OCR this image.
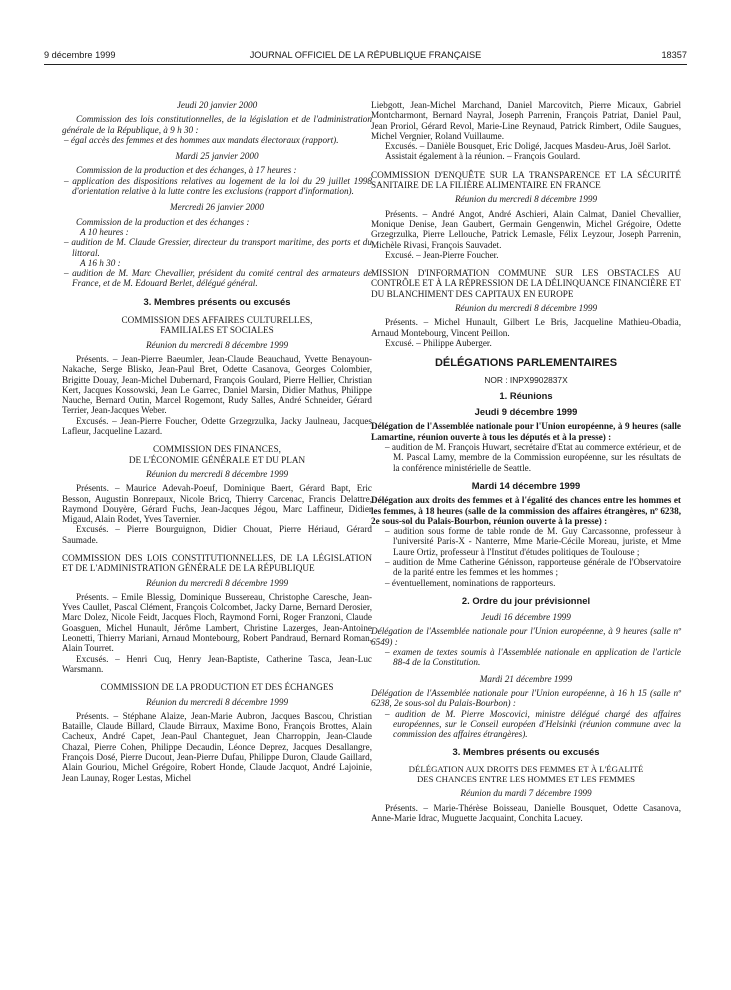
9 décembre 1999	JOURNAL OFFICIEL DE LA RÉPUBLIQUE FRANÇAISE	18357

Jeudi 20 janvier 2000

Commission des lois constitutionnelles, de la législation et de l'administration générale de la République, à 9 h 30 :

– égal accès des femmes et des hommes aux mandats électoraux (rapport).

Mardi 25 janvier 2000

Commission de la production et des échanges, à 17 heures :

– application des dispositions relatives au logement de la loi du 29 juillet 1998 d'orientation relative à la lutte contre les exclusions (rapport d'information).

Mercredi 26 janvier 2000

Commission de la production et des échanges :

A 10 heures :

– audition de M. Claude Gressier, directeur du transport maritime, des ports et du littoral.

A 16 h 30 :

– audition de M. Marc Chevallier, président du comité central des armateurs de France, et de M. Edouard Berlet, délégué général.

3. Membres présents ou excusés

COMMISSION DES AFFAIRES CULTURELLES,
FAMILIALES ET SOCIALES

Réunion du mercredi 8 décembre 1999

Présents. – Jean-Pierre Baeumler, Jean-Claude Beauchaud, Yvette Benayoun-Nakache, Serge Blisko, Jean-Paul Bret, Odette Casanova, Georges Colombier, Brigitte Douay, Jean-Michel Dubernard, François Goulard, Pierre Hellier, Christian Kert, Jacques Kossowski, Jean Le Garrec, Daniel Marsin, Didier Mathus, Philippe Nauche, Bernard Outin, Marcel Rogemont, Rudy Salles, André Schneider, Gérard Terrier, Jean-Jacques Weber.

Excusés. – Jean-Pierre Foucher, Odette Grzegrzulka, Jacky Jaulneau, Jacques Lafleur, Jacqueline Lazard.

COMMISSION DES FINANCES,
DE L'ÉCONOMIE GÉNÉRALE ET DU PLAN

Réunion du mercredi 8 décembre 1999

Présents. – Maurice Adevah-Poeuf, Dominique Baert, Gérard Bapt, Eric Besson, Augustin Bonrepaux, Nicole Bricq, Thierry Carcenac, Francis Delattre, Raymond Douyère, Gérard Fuchs, Jean-Jacques Jégou, Marc Laffineur, Didier Migaud, Alain Rodet, Yves Tavernier.

Excusés. – Pierre Bourguignon, Didier Chouat, Pierre Hériaud, Gérard Saumade.

COMMISSION DES LOIS CONSTITUTIONNELLES, DE LA LÉGISLATION ET DE L'ADMINISTRATION GÉNÉRALE DE LA RÉPUBLIQUE

Réunion du mercredi 8 décembre 1999

Présents. – Emile Blessig, Dominique Bussereau, Christophe Caresche, Jean-Yves Caullet, Pascal Clément, François Colcombet, Jacky Darne, Bernard Derosier, Marc Dolez, Nicole Feidt, Jacques Floch, Raymond Forni, Roger Franzoni, Claude Goasguen, Michel Hunault, Jérôme Lambert, Christine Lazerges, Jean-Antoine Leonetti, Thierry Mariani, Arnaud Montebourg, Robert Pandraud, Bernard Roman, Alain Tourret.

Excusés. – Henri Cuq, Henry Jean-Baptiste, Catherine Tasca, Jean-Luc Warsmann.

COMMISSION DE LA PRODUCTION ET DES ÉCHANGES

Réunion du mercredi 8 décembre 1999

Présents. – Stéphane Alaize, Jean-Marie Aubron, Jacques Bascou, Christian Bataille, Claude Billard, Claude Birraux, Maxime Bono, François Brottes, Alain Cacheux, André Capet, Jean-Paul Chanteguet, Jean Charroppin, Jean-Claude Chazal, Pierre Cohen, Philippe Decaudin, Léonce Deprez, Jacques Desallangre, François Dosé, Pierre Ducout, Jean-Pierre Dufau, Philippe Duron, Claude Gaillard, Alain Gouriou, Michel Grégoire, Robert Honde, Claude Jacquot, André Lajoinie, Jean Launay, Roger Lestas, Michel

Liebgott, Jean-Michel Marchand, Daniel Marcovitch, Pierre Micaux, Gabriel Montcharmont, Bernard Nayral, Joseph Parrenin, François Patriat, Daniel Paul, Jean Proriol, Gérard Revol, Marie-Line Reynaud, Patrick Rimbert, Odile Saugues, Michel Vergnier, Roland Vuillaume.

Excusés. – Danièle Bousquet, Eric Doligé, Jacques Masdeu-Arus, Joël Sarlot.

Assistait également à la réunion. – François Goulard.

COMMISSION D'ENQUÊTE SUR LA TRANSPARENCE ET LA SÉCURITÉ SANITAIRE DE LA FILIÈRE ALIMENTAIRE EN FRANCE

Réunion du mercredi 8 décembre 1999

Présents. – André Angot, André Aschieri, Alain Calmat, Daniel Chevallier, Monique Denise, Jean Gaubert, Germain Gengenwin, Michel Grégoire, Odette Grzegrzulka, Pierre Lellouche, Patrick Lemasle, Félix Leyzour, Joseph Parrenin, Michèle Rivasi, François Sauvadet.

Excusé. – Jean-Pierre Foucher.

MISSION D'INFORMATION COMMUNE SUR LES OBSTACLES AU CONTRÔLE ET À LA RÉPRESSION DE LA DÉLINQUANCE FINANCIÈRE ET DU BLANCHIMENT DES CAPITAUX EN EUROPE

Réunion du mercredi 8 décembre 1999

Présents. – Michel Hunault, Gilbert Le Bris, Jacqueline Mathieu-Obadia, Arnaud Montebourg, Vincent Peillon.

Excusé. – Philippe Auberger.

DÉLÉGATIONS PARLEMENTAIRES

NOR : INPX9902837X

1. Réunions

Jeudi 9 décembre 1999

Délégation de l'Assemblée nationale pour l'Union européenne, à 9 heures (salle Lamartine, réunion ouverte à tous les députés et à la presse) :

– audition de M. François Huwart, secrétaire d'Etat au commerce extérieur, et de M. Pascal Lamy, membre de la Commission européenne, sur les résultats de la conférence ministérielle de Seattle.

Mardi 14 décembre 1999

Délégation aux droits des femmes et à l'égalité des chances entre les hommes et les femmes, à 18 heures (salle de la commission des affaires étrangères, nº 6238, 2e sous-sol du Palais-Bourbon, réunion ouverte à la presse) :

– audition sous forme de table ronde de M. Guy Carcassonne, professeur à l'université Paris-X - Nanterre, Mme Marie-Cécile Moreau, juriste, et Mme Laure Ortiz, professeur à l'Institut d'études politiques de Toulouse ;

– audition de Mme Catherine Génisson, rapporteuse générale de l'Observatoire de la parité entre les femmes et les hommes ;

– éventuellement, nominations de rapporteurs.

2. Ordre du jour prévisionnel

Jeudi 16 décembre 1999

Délégation de l'Assemblée nationale pour l'Union européenne, à 9 heures (salle nº 6549) :

– examen de textes soumis à l'Assemblée nationale en application de l'article 88-4 de la Constitution.

Mardi 21 décembre 1999

Délégation de l'Assemblée nationale pour l'Union européenne, à 16 h 15 (salle nº 6238, 2e sous-sol du Palais-Bourbon) :

– audition de M. Pierre Moscovici, ministre délégué chargé des affaires européennes, sur le Conseil européen d'Helsinki (réunion commune avec la commission des affaires étrangères).

3. Membres présents ou excusés

DÉLÉGATION AUX DROITS DES FEMMES ET À L'ÉGALITÉ
DES CHANCES ENTRE LES HOMMES ET LES FEMMES

Réunion du mardi 7 décembre 1999

Présents. – Marie-Thérèse Boisseau, Danielle Bousquet, Odette Casanova, Anne-Marie Idrac, Muguette Jacquaint, Conchita Lacuey.
